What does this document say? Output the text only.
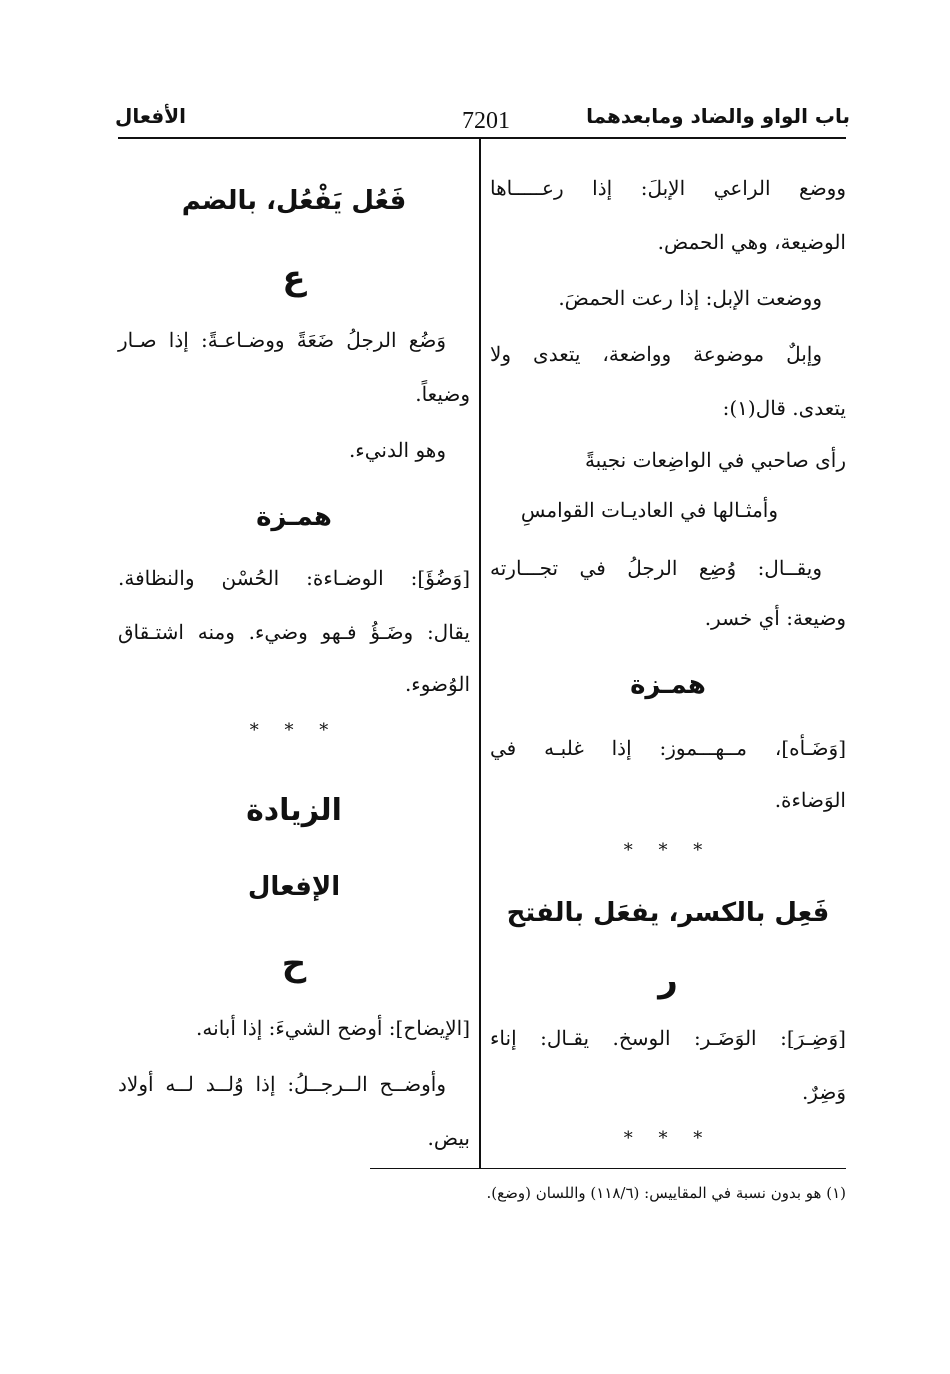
باب الواو والضاد ومابعدهما
7201
الأفعال
ووضع الراعي الإبلَ: إذا رعـــــاها
الوضيعة، وهي الحمض.
ووضعت الإبل: إذا رعت الحمضَ.
وإبلٌ موضوعة وواضعة، يتعدى ولا
يتعدى. قال(١):
رأى صاحبي في الواضِعات نجيبةً
وأمثـالها في العاديـات القوامسِ
ويقــال: وُضِع الرجلُ في تجـــارته
وضيعة: أي خسر.
همـزة
[وَضَـأه]، مــهـــموز: إذا غلبـه في
الوَضاءة.
* * *
فَعِل بالكسر، يفعَل بالفتح
ر
[وَضِـرَ]: الوَضَـر: الوسخ. يقـال: إناء
وَضِرٌ.
* * *
فَعُل يَفْعُل، بالضم
ع
وَضُع الرجلُ ضَعَةً ووضـاعـةً: إذا صـار
وضيعاً.
وهو الدنيء.
همـزة
[وَضُؤَ]: الوضـاءة: الحُسْن والنظافة.
يقال: وضَـؤُ فـهو وضيء. ومنه اشتـقاق
الوُضوء.
* * *
الزيادة
الإفعال
ح
[الإيضاح]: أوضح الشيءَ: إذا أبانه.
وأوضــح الــرجــلُ: إذا وُلــد لــه أولاد
بيض.
(١) هو بدون نسبة في المقاييس: (١١٨/٦) واللسان (وضع).
